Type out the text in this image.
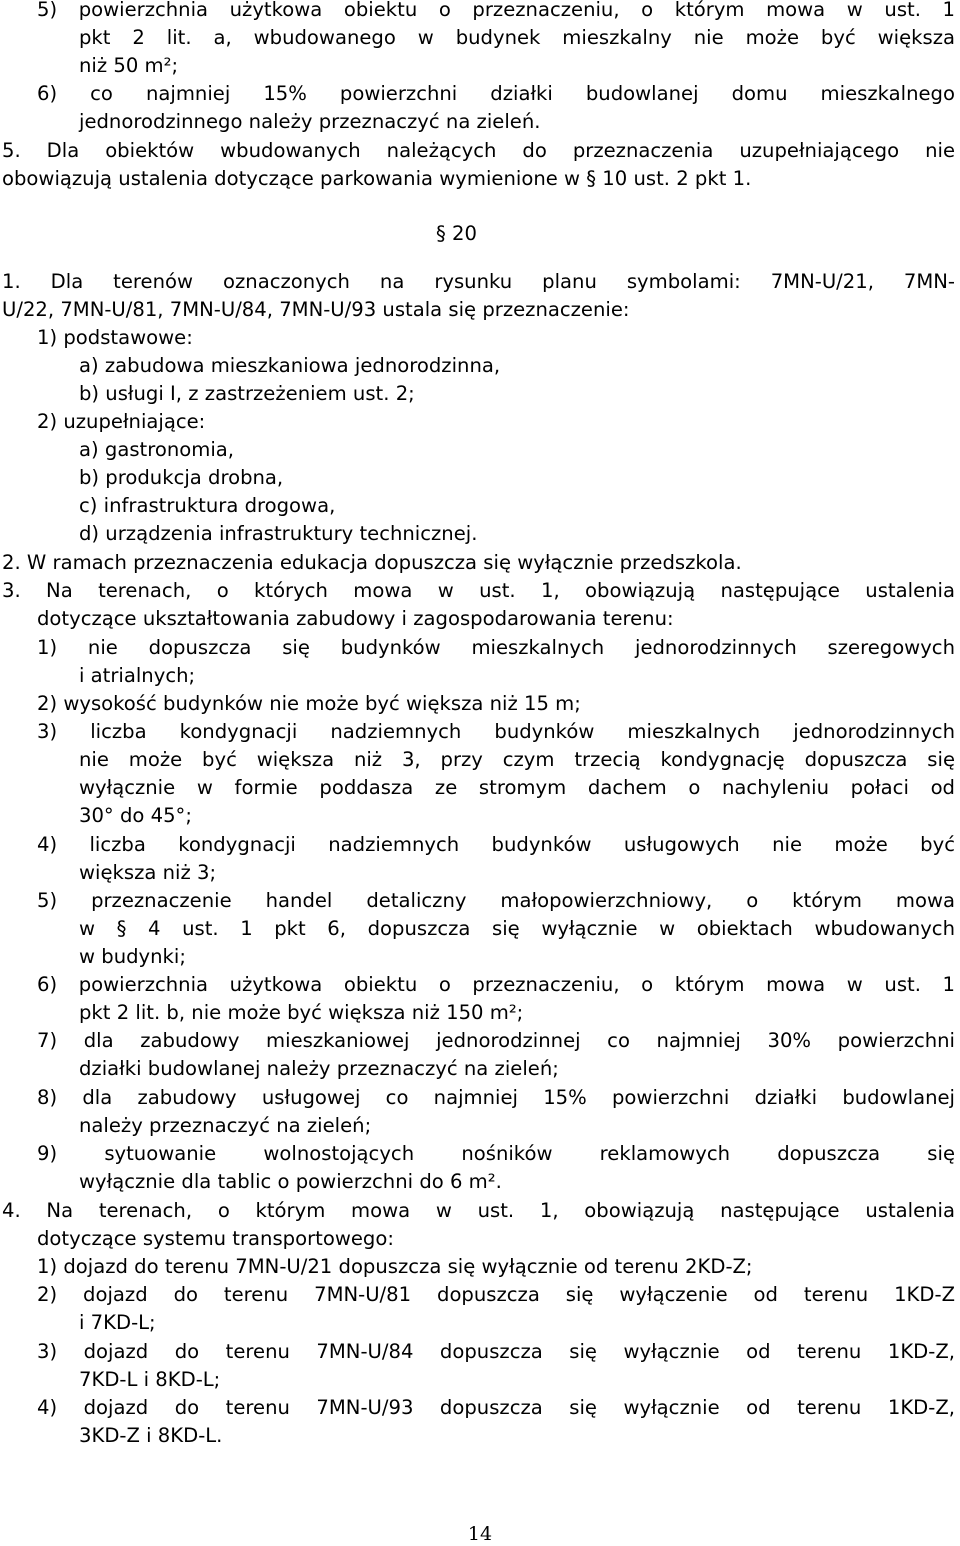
§ 20
14
5) powierzchnia użytkowa obiektu o przeznaczeniu, o którym mowa w ust. 1
pkt 2 lit. a, wbudowanego w budynek mieszkalny nie może być większa
niż 50 m²;
6) co najmniej 15% powierzchni działki budowlanej domu mieszkalnego
jednorodzinnego należy przeznaczyć na zieleń.
5. Dla obiektów wbudowanych należących do przeznaczenia uzupełniającego nie
obowiązują ustalenia dotyczące parkowania wymienione w § 10 ust. 2 pkt 1.
1. Dla terenów oznaczonych na rysunku planu symbolami: 7MN-U/21, 7MN-
U/22, 7MN-U/81, 7MN-U/84, 7MN-U/93 ustala się przeznaczenie:
1) podstawowe:
a) zabudowa mieszkaniowa jednorodzinna,
b) usługi I, z zastrzeżeniem ust. 2;
2) uzupełniające:
a) gastronomia,
b) produkcja drobna,
c) infrastruktura drogowa,
d) urządzenia infrastruktury technicznej.
2. W ramach przeznaczenia edukacja dopuszcza się wyłącznie przedszkola.
3. Na terenach, o których mowa w ust. 1, obowiązują następujące ustalenia
dotyczące ukształtowania zabudowy i zagospodarowania terenu:
1) nie dopuszcza się budynków mieszkalnych jednorodzinnych szeregowych
i atrialnych;
2) wysokość budynków nie może być większa niż 15 m;
3) liczba kondygnacji nadziemnych budynków mieszkalnych jednorodzinnych
nie może być większa niż 3, przy czym trzecią kondygnację dopuszcza się
wyłącznie w formie poddasza ze stromym dachem o nachyleniu połaci od
30° do 45°;
4) liczba kondygnacji nadziemnych budynków usługowych nie może być
większa niż 3;
5) przeznaczenie handel detaliczny małopowierzchniowy, o którym mowa
w § 4 ust. 1 pkt 6, dopuszcza się wyłącznie w obiektach wbudowanych
w budynki;
6) powierzchnia użytkowa obiektu o przeznaczeniu, o którym mowa w ust. 1
pkt 2 lit. b, nie może być większa niż 150 m²;
7) dla zabudowy mieszkaniowej jednorodzinnej co najmniej 30% powierzchni
działki budowlanej należy przeznaczyć na zieleń;
8) dla zabudowy usługowej co najmniej 15% powierzchni działki budowlanej
należy przeznaczyć na zieleń;
9) sytuowanie wolnostojących nośników reklamowych dopuszcza się
wyłącznie dla tablic o powierzchni do 6 m².
4. Na terenach, o którym mowa w ust. 1, obowiązują następujące ustalenia
dotyczące systemu transportowego:
1) dojazd do terenu 7MN-U/21 dopuszcza się wyłącznie od terenu 2KD-Z;
2) dojazd do terenu 7MN-U/81 dopuszcza się wyłączenie od terenu 1KD-Z
i 7KD-L;
3) dojazd do terenu 7MN-U/84 dopuszcza się wyłącznie od terenu 1KD-Z,
7KD-L i 8KD-L;
4) dojazd do terenu 7MN-U/93 dopuszcza się wyłącznie od terenu 1KD-Z,
3KD-Z i 8KD-L.
